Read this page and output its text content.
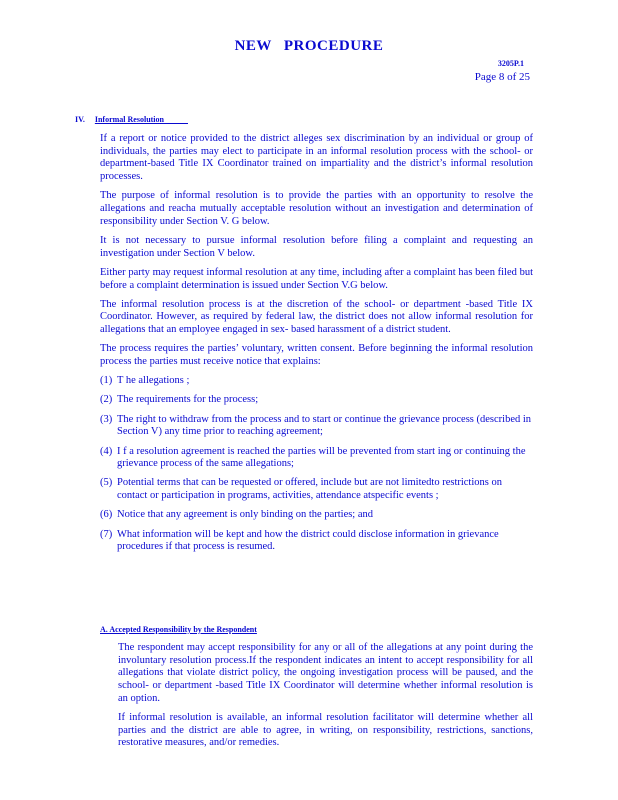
NEW PROCEDURE
3205P.1
Page 8 of 25
IV. Informal Resolution

If a report or notice provided to the district alleges sex discrimination by an individual or group of individuals, the parties may elect to participate in an informal resolution process with the school- or department-based Title IX Coordinator trained on impartiality and the district’s informal resolution processes.

The purpose of informal resolution is to provide the parties with an opportunity to resolve the allegations and reacha mutually acceptable resolution without an investigation and determination of responsibility under Section V. G below.

It is not necessary to pursue informal resolution before filing a complaint and requesting an investigation under Section V below.

Either party may request informal resolution at any time, including after a complaint has been filed but before a complaint determination is issued under Section V.G below.

The informal resolution process is at the discretion of the school- or department -based Title IX Coordinator. However, as required by federal law, the district does not allow informal resolution for allegations that an employee engaged in sex- based harassment of a district student.

The process requires the parties’ voluntary, written consent. Before beginning the informal resolution process the parties must receive notice that explains:

(1) T he allegations ;
(2) The requirements for the process;
(3) The right to withdraw from the process and to start or continue the grievance process (described in Section V) any time prior to reaching agreement;
(4) I f a resolution agreement is reached the parties will be prevented from start ing or continuing the grievance process of the same allegations;
(5) Potential terms that can be requested or offered, include but are not limitedto restrictions on contact or participation in programs, activities, attendance atspecific events ;
(6) Notice that any agreement is only binding on the parties; and
(7) What information will be kept and how the district could disclose information in grievance procedures if that process is resumed.
A. Accepted Responsibility by the Respondent

The respondent may accept responsibility for any or all of the allegations at any point during the involuntary resolution process.If the respondent indicates an intent to accept responsibility for all allegations that violate district policy, the ongoing investigation process will be paused, and the school- or department -based Title IX Coordinator will determine whether informal resolution is an option.

If informal resolution is available, an informal resolution facilitator will determine whether all parties and the district are able to agree, in writing, on responsibility, restrictions, sanctions, restorative measures, and/or remedies.
